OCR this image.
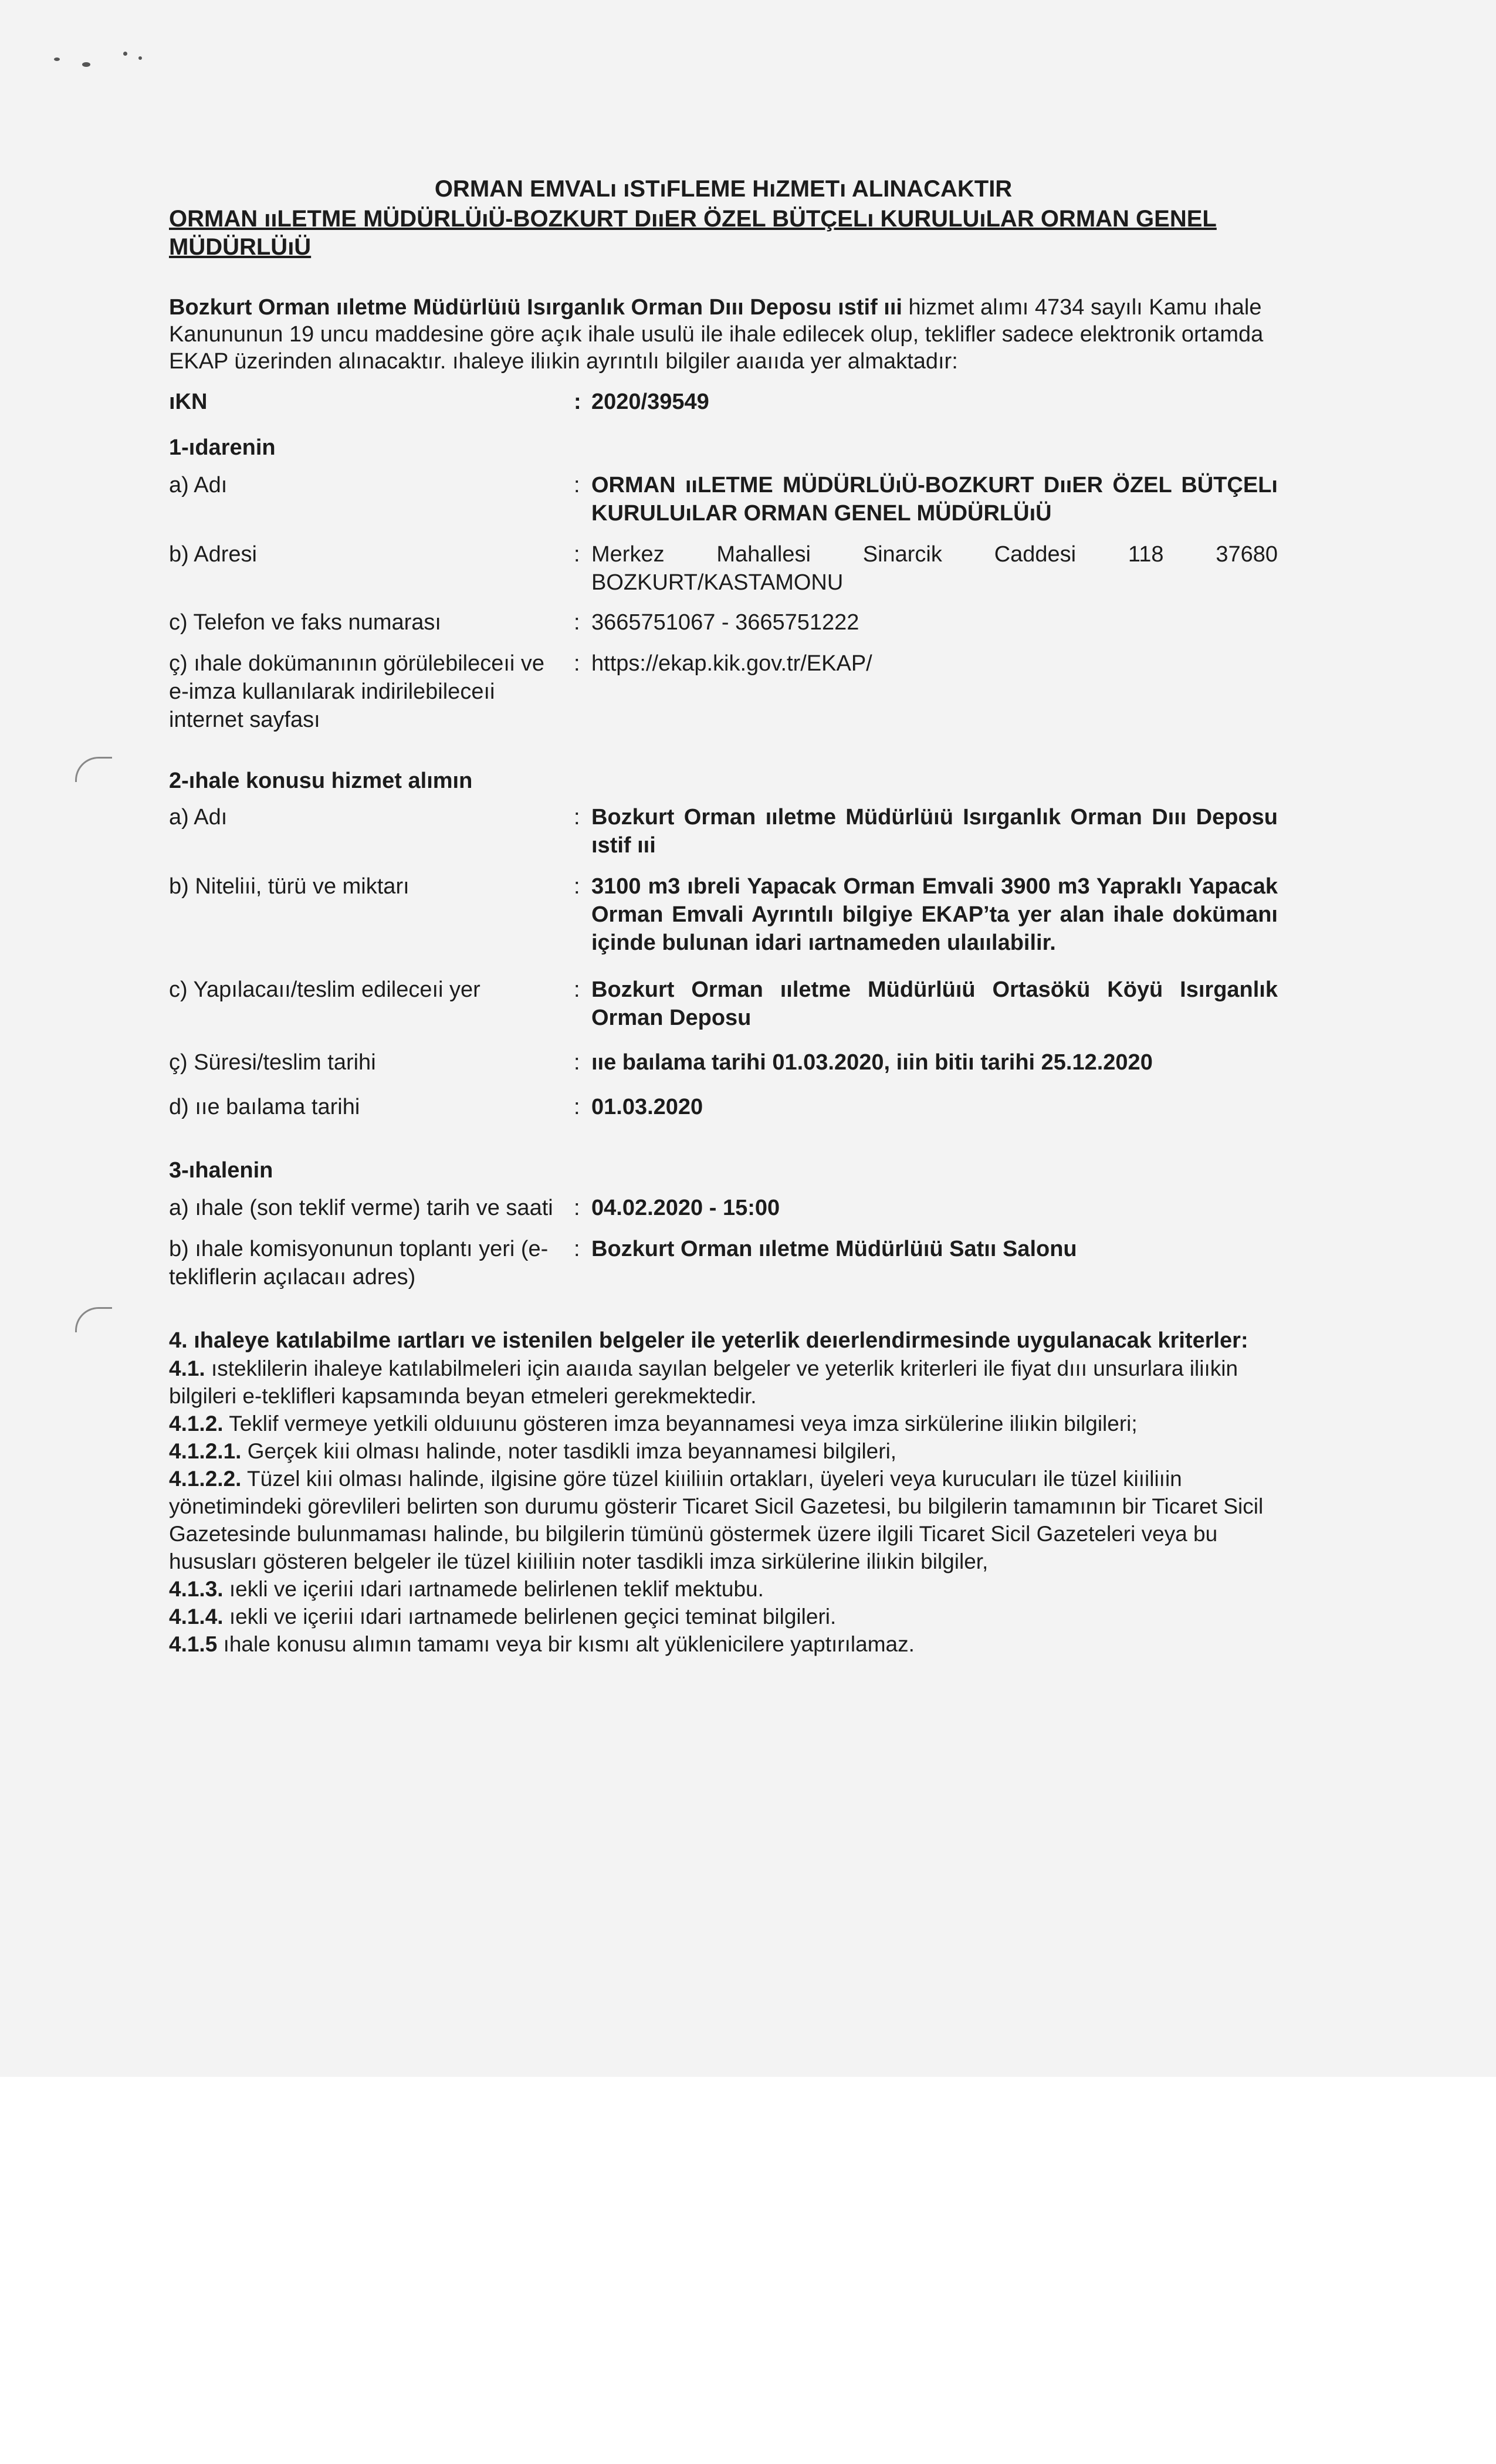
ORMAN EMVALı ıSTıFLEME HıZMETı ALINACAKTIR

ORMAN ııLETME MÜDÜRLÜıÜ-BOZKURT DııER ÖZEL BÜTÇELı KURULUıLAR ORMAN GENEL MÜDÜRLÜıÜ

Bozkurt Orman ııletme Müdürlüıü Isırganlık Orman Dııı Deposu ıstif ııi hizmet alımı 4734 sayılı Kamu ıhale Kanununun 19 uncu maddesine göre açık ihale usulü ile ihale edilecek olup, teklifler sadece elektronik ortamda EKAP üzerinden alınacaktır. ıhaleye iliıkin ayrıntılı bilgiler aıaııda yer almaktadır:

ıKN	: 2020/39549
1-ıdarenin
a) Adı	: ORMAN ııLETME MÜDÜRLÜıÜ-BOZKURT DııER ÖZEL BÜTÇELı KURULUıLAR ORMAN GENEL MÜDÜRLÜıÜ
b) Adresi	: Merkez Mahallesi Sinarcik Caddesi 118 37680 BOZKURT/KASTAMONU
c) Telefon ve faks numarası	: 3665751067 - 3665751222
ç) ıhale dokümanının görülebileceıi ve e-imza kullanılarak indirilebileceıi internet sayfası
: https://ekap.kik.gov.tr/EKAP/
2-ıhale konusu hizmet alımın
a) Adı	: Bozkurt Orman ııletme Müdürlüıü Isırganlık Orman Dııı Deposu ıstif ııi
b) Niteliıi, türü ve miktarı	: 3100 m3 ıbreli Yapacak Orman Emvali 3900 m3 Yapraklı Yapacak Orman Emvali Ayrıntılı bilgiye EKAP’ta yer alan ihale dokümanı içinde bulunan idari ıartnameden ulaıılabilir.
c) Yapılacaıı/teslim edileceıi yer	: Bozkurt Orman ııletme Müdürlüıü Ortasökü Köyü Isırganlık Orman Deposu
ç) Süresi/teslim tarihi	: ııe baılama tarihi 01.03.2020, iıin bitiı tarihi 25.12.2020
d) ııe baılama tarihi	: 01.03.2020
3-ıhalenin
a) ıhale (son teklif verme) tarih ve saati : 04.02.2020 - 15:00
b) ıhale komisyonunun toplantı yeri (e-tekliflerin açılacaıı adres)
: Bozkurt Orman ııletme Müdürlüıü Satıı Salonu
4. ıhaleye katılabilme ıartları ve istenilen belgeler ile yeterlik deıerlendirmesinde uygulanacak kriterler:

4.1. ısteklilerin ihaleye katılabilmeleri için aıaııda sayılan belgeler ve yeterlik kriterleri ile fiyat dııı unsurlara iliıkin bilgileri e-teklifleri kapsamında beyan etmeleri gerekmektedir.

4.1.2. Teklif vermeye yetkili olduıunu gösteren imza beyannamesi veya imza sirkülerine iliıkin bilgileri;

4.1.2.1. Gerçek kiıi olması halinde, noter tasdikli imza beyannamesi bilgileri,

4.1.2.2. Tüzel kiıi olması halinde, ilgisine göre tüzel kiıiliıin ortakları, üyeleri veya kurucuları ile tüzel kiıiliıin yönetimindeki görevlileri belirten son durumu gösterir Ticaret Sicil Gazetesi, bu bilgilerin tamamının bir Ticaret Sicil Gazetesinde bulunmaması halinde, bu bilgilerin tümünü göstermek üzere ilgili Ticaret Sicil Gazeteleri veya bu hususları gösteren belgeler ile tüzel kiıiliıin noter tasdikli imza sirkülerine iliıkin bilgiler,

4.1.3. ıekli ve içeriıi ıdari ıartnamede belirlenen teklif mektubu.

4.1.4. ıekli ve içeriıi ıdari ıartnamede belirlenen geçici teminat bilgileri.

4.1.5 ıhale konusu alımın tamamı veya bir kısmı alt yüklenicilere yaptırılamaz.
